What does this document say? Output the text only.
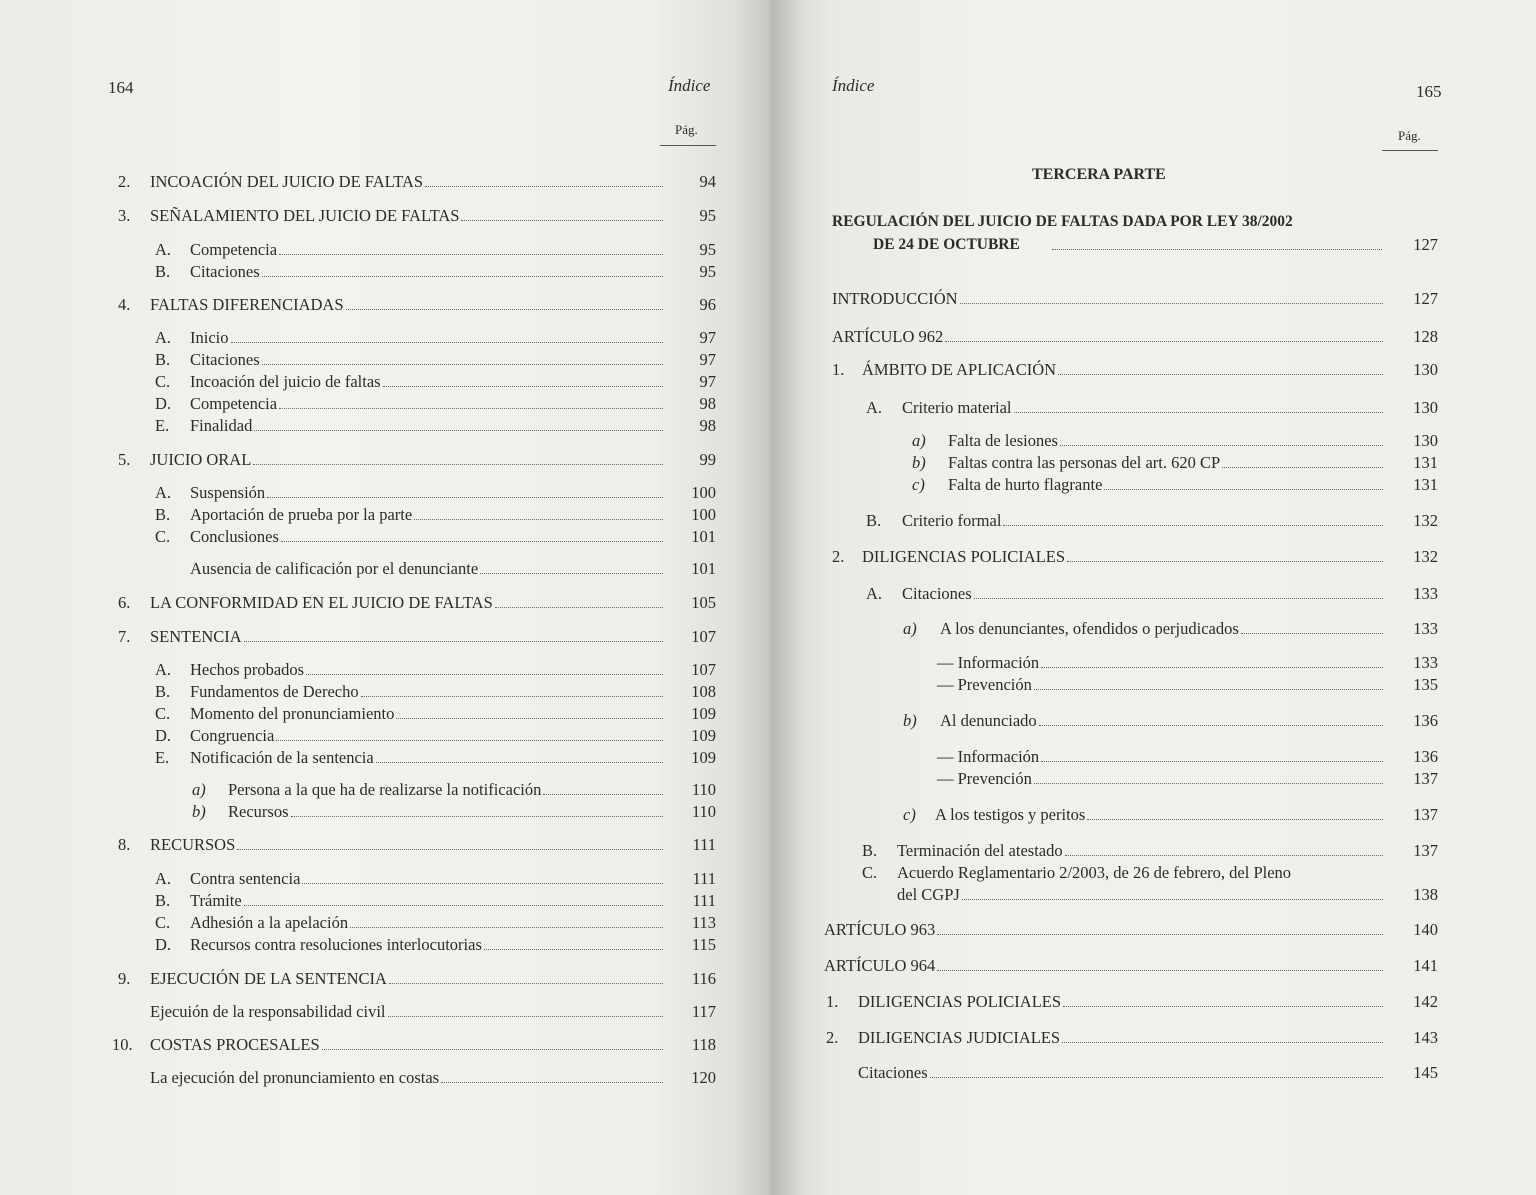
164	Índice
Pág.
Índice	165
Pág.
TERCERA PARTE
REGULACIÓN DEL JUICIO DE FALTAS DADA POR LEY 38/2002
DE 24 DE OCTUBRE	127
2. INCOACIÓN DEL JUICIO DE FALTAS	94
3. SEÑALAMIENTO DEL JUICIO DE FALTAS	95
A. Competencia	95
B. Citaciones	95
4. FALTAS DIFERENCIADAS	96
A. Inicio	97
B. Citaciones	97
C. Incoación del juicio de faltas	97
D. Competencia	98
E. Finalidad	98
5. JUICIO ORAL	99
A. Suspensión	100
B. Aportación de prueba por la parte	100
C. Conclusiones	101
Ausencia de calificación por el denunciante	101
6. LA CONFORMIDAD EN EL JUICIO DE FALTAS	105
7. SENTENCIA	107
A. Hechos probados	107
B. Fundamentos de Derecho	108
C. Momento del pronunciamiento	109
D. Congruencia	109
E. Notificación de la sentencia	109
a) Persona a la que ha de realizarse la notificación	110
b) Recursos	110
8. RECURSOS	111
A. Contra sentencia	111
B. Trámite	111
C. Adhesión a la apelación	113
D. Recursos contra resoluciones interlocutorias	115
9. EJECUCIÓN DE LA SENTENCIA	116
Ejecuión de la responsabilidad civil	117
10. COSTAS PROCESALES	118
La ejecución del pronunciamiento en costas	120
INTRODUCCIÓN	127
ARTÍCULO 962	128
1. ÁMBITO DE APLICACIÓN	130
A. Criterio material	130
a) Falta de lesiones	130
b) Faltas contra las personas del art. 620 CP	131
c) Falta de hurto flagrante	131
B. Criterio formal	132
2. DILIGENCIAS POLICIALES	132
A. Citaciones	133
a) A los denunciantes, ofendidos o perjudicados	133
— Información	133
— Prevención	135
b) Al denunciado	136
— Información	136
— Prevención	137
c) A los testigos y peritos	137
B. Terminación del atestado	137
C. Acuerdo Reglamentario 2/2003, de 26 de febrero, del Pleno
del CGPJ	138
ARTÍCULO 963	140
ARTÍCULO 964	141
1. DILIGENCIAS POLICIALES	142
2. DILIGENCIAS JUDICIALES	143
Citaciones	145
